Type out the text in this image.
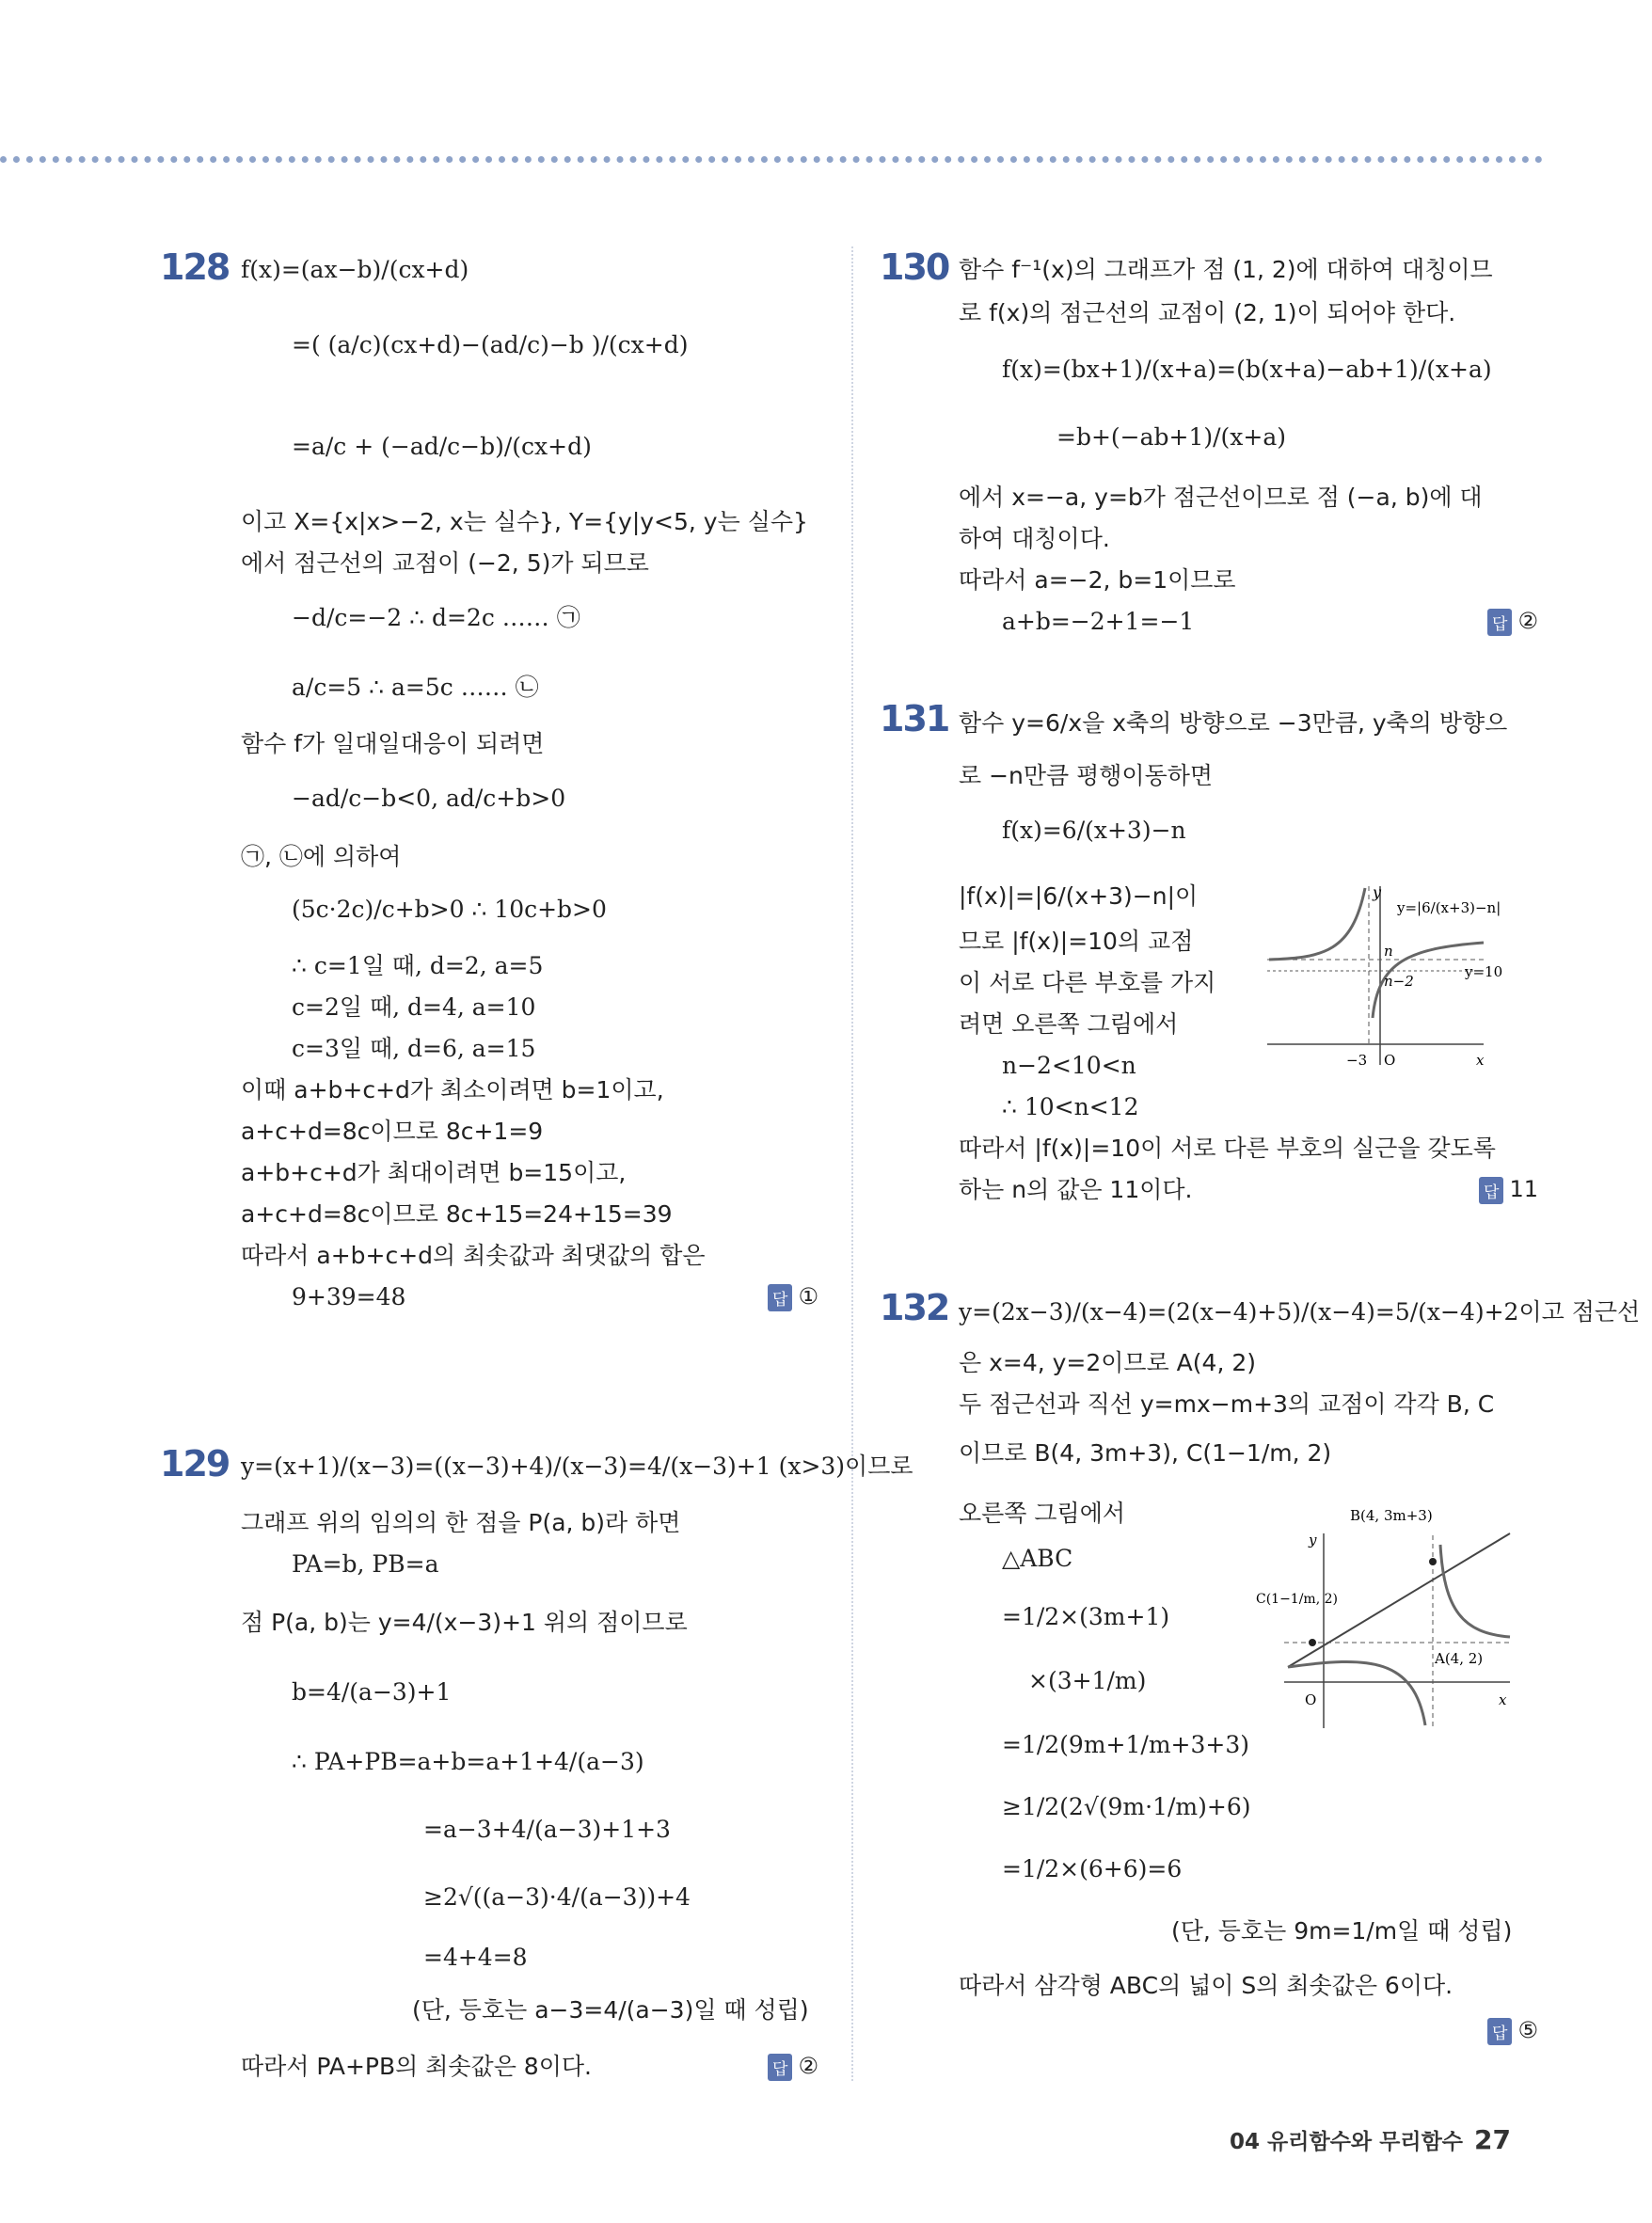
128 f(x)=(ax−b)/(cx+d)
=( (a/c)(cx+d)−(ad/c)−b )/(cx+d)
=a/c + (−ad/c−b)/(cx+d)
이고 X={x|x>−2, x는 실수}, Y={y|y<5, y는 실수}
에서 점근선의 교점이 (−2, 5)가 되므로
−d/c=−2 ∴ d=2c …… ㉠
a/c=5 ∴ a=5c …… ㉡
함수 f가 일대일대응이 되려면
−ad/c−b<0, ad/c+b>0
㉠, ㉡에 의하여
(5c·2c)/c+b>0 ∴ 10c+b>0
∴ c=1일 때, d=2, a=5
c=2일 때, d=4, a=10
c=3일 때, d=6, a=15
이때 a+b+c+d가 최소이려면 b=1이고,
a+c+d=8c이므로 8c+1=9
a+b+c+d가 최대이려면 b=15이고,
a+c+d=8c이므로 8c+15=24+15=39
따라서 a+b+c+d의 최솟값과 최댓값의 합은
9+39=48	답 ①
129 y=(x+1)/(x−3)=((x−3)+4)/(x−3)=4/(x−3)+1 (x>3)이므로
그래프 위의 임의의 한 점을 P(a, b)라 하면
PA=b, PB=a
점 P(a, b)는 y=4/(x−3)+1 위의 점이므로
b=4/(a−3)+1
∴ PA+PB=a+b=a+1+4/(a−3)
=a−3+4/(a−3)+1+3
≥2√((a−3)·4/(a−3))+4
=4+4=8
(단, 등호는 a−3=4/(a−3)일 때 성립)
따라서 PA+PB의 최솟값은 8이다.	답 ②
130 함수 f⁻¹(x)의 그래프가 점 (1, 2)에 대하여 대칭이므
로 f(x)의 점근선의 교점이 (2, 1)이 되어야 한다.
f(x)=(bx+1)/(x+a)=(b(x+a)−ab+1)/(x+a)
=b+(−ab+1)/(x+a)
에서 x=−a, y=b가 점근선이므로 점 (−a, b)에 대
하여 대칭이다.
따라서 a=−2, b=1이므로
a+b=−2+1=−1	답 ②
131 함수 y=6/x을 x축의 방향으로 −3만큼, y축의 방향으
로 −n만큼 평행이동하면
f(x)=6/(x+3)−n
|f(x)|=|6/(x+3)−n|이
므로 |f(x)|=10의 교점
이 서로 다른 부호를 가지
려면 오른쪽 그림에서
n−2<10<n
∴ 10<n<12
따라서 |f(x)|=10이 서로 다른 부호의 실근을 갖도록
하는 n의 값은 11이다.	답 11
y
y=|6/(x+3)−n|
n
n−2
y=10
−3 O	x
132 y=(2x−3)/(x−4)=(2(x−4)+5)/(x−4)=5/(x−4)+2이고 점근선
은 x=4, y=2이므로 A(4, 2)
두 점근선과 직선 y=mx−m+3의 교점이 각각 B, C
이므로 B(4, 3m+3), C(1−1/m, 2)
오른쪽 그림에서
△ABC
=1/2×(3m+1)
×(3+1/m)
=1/2(9m+1/m+3+3)
≥1/2(2√(9m·1/m)+6)
=1/2×(6+6)=6
(단, 등호는 9m=1/m일 때 성립)
따라서 삼각형 ABC의 넓이 S의 최솟값은 6이다.
답 ⑤
B(4, 3m+3)
y
C(1−1/m, 2)
A(4, 2)
O	x
04 유리함수와 무리함수 27
